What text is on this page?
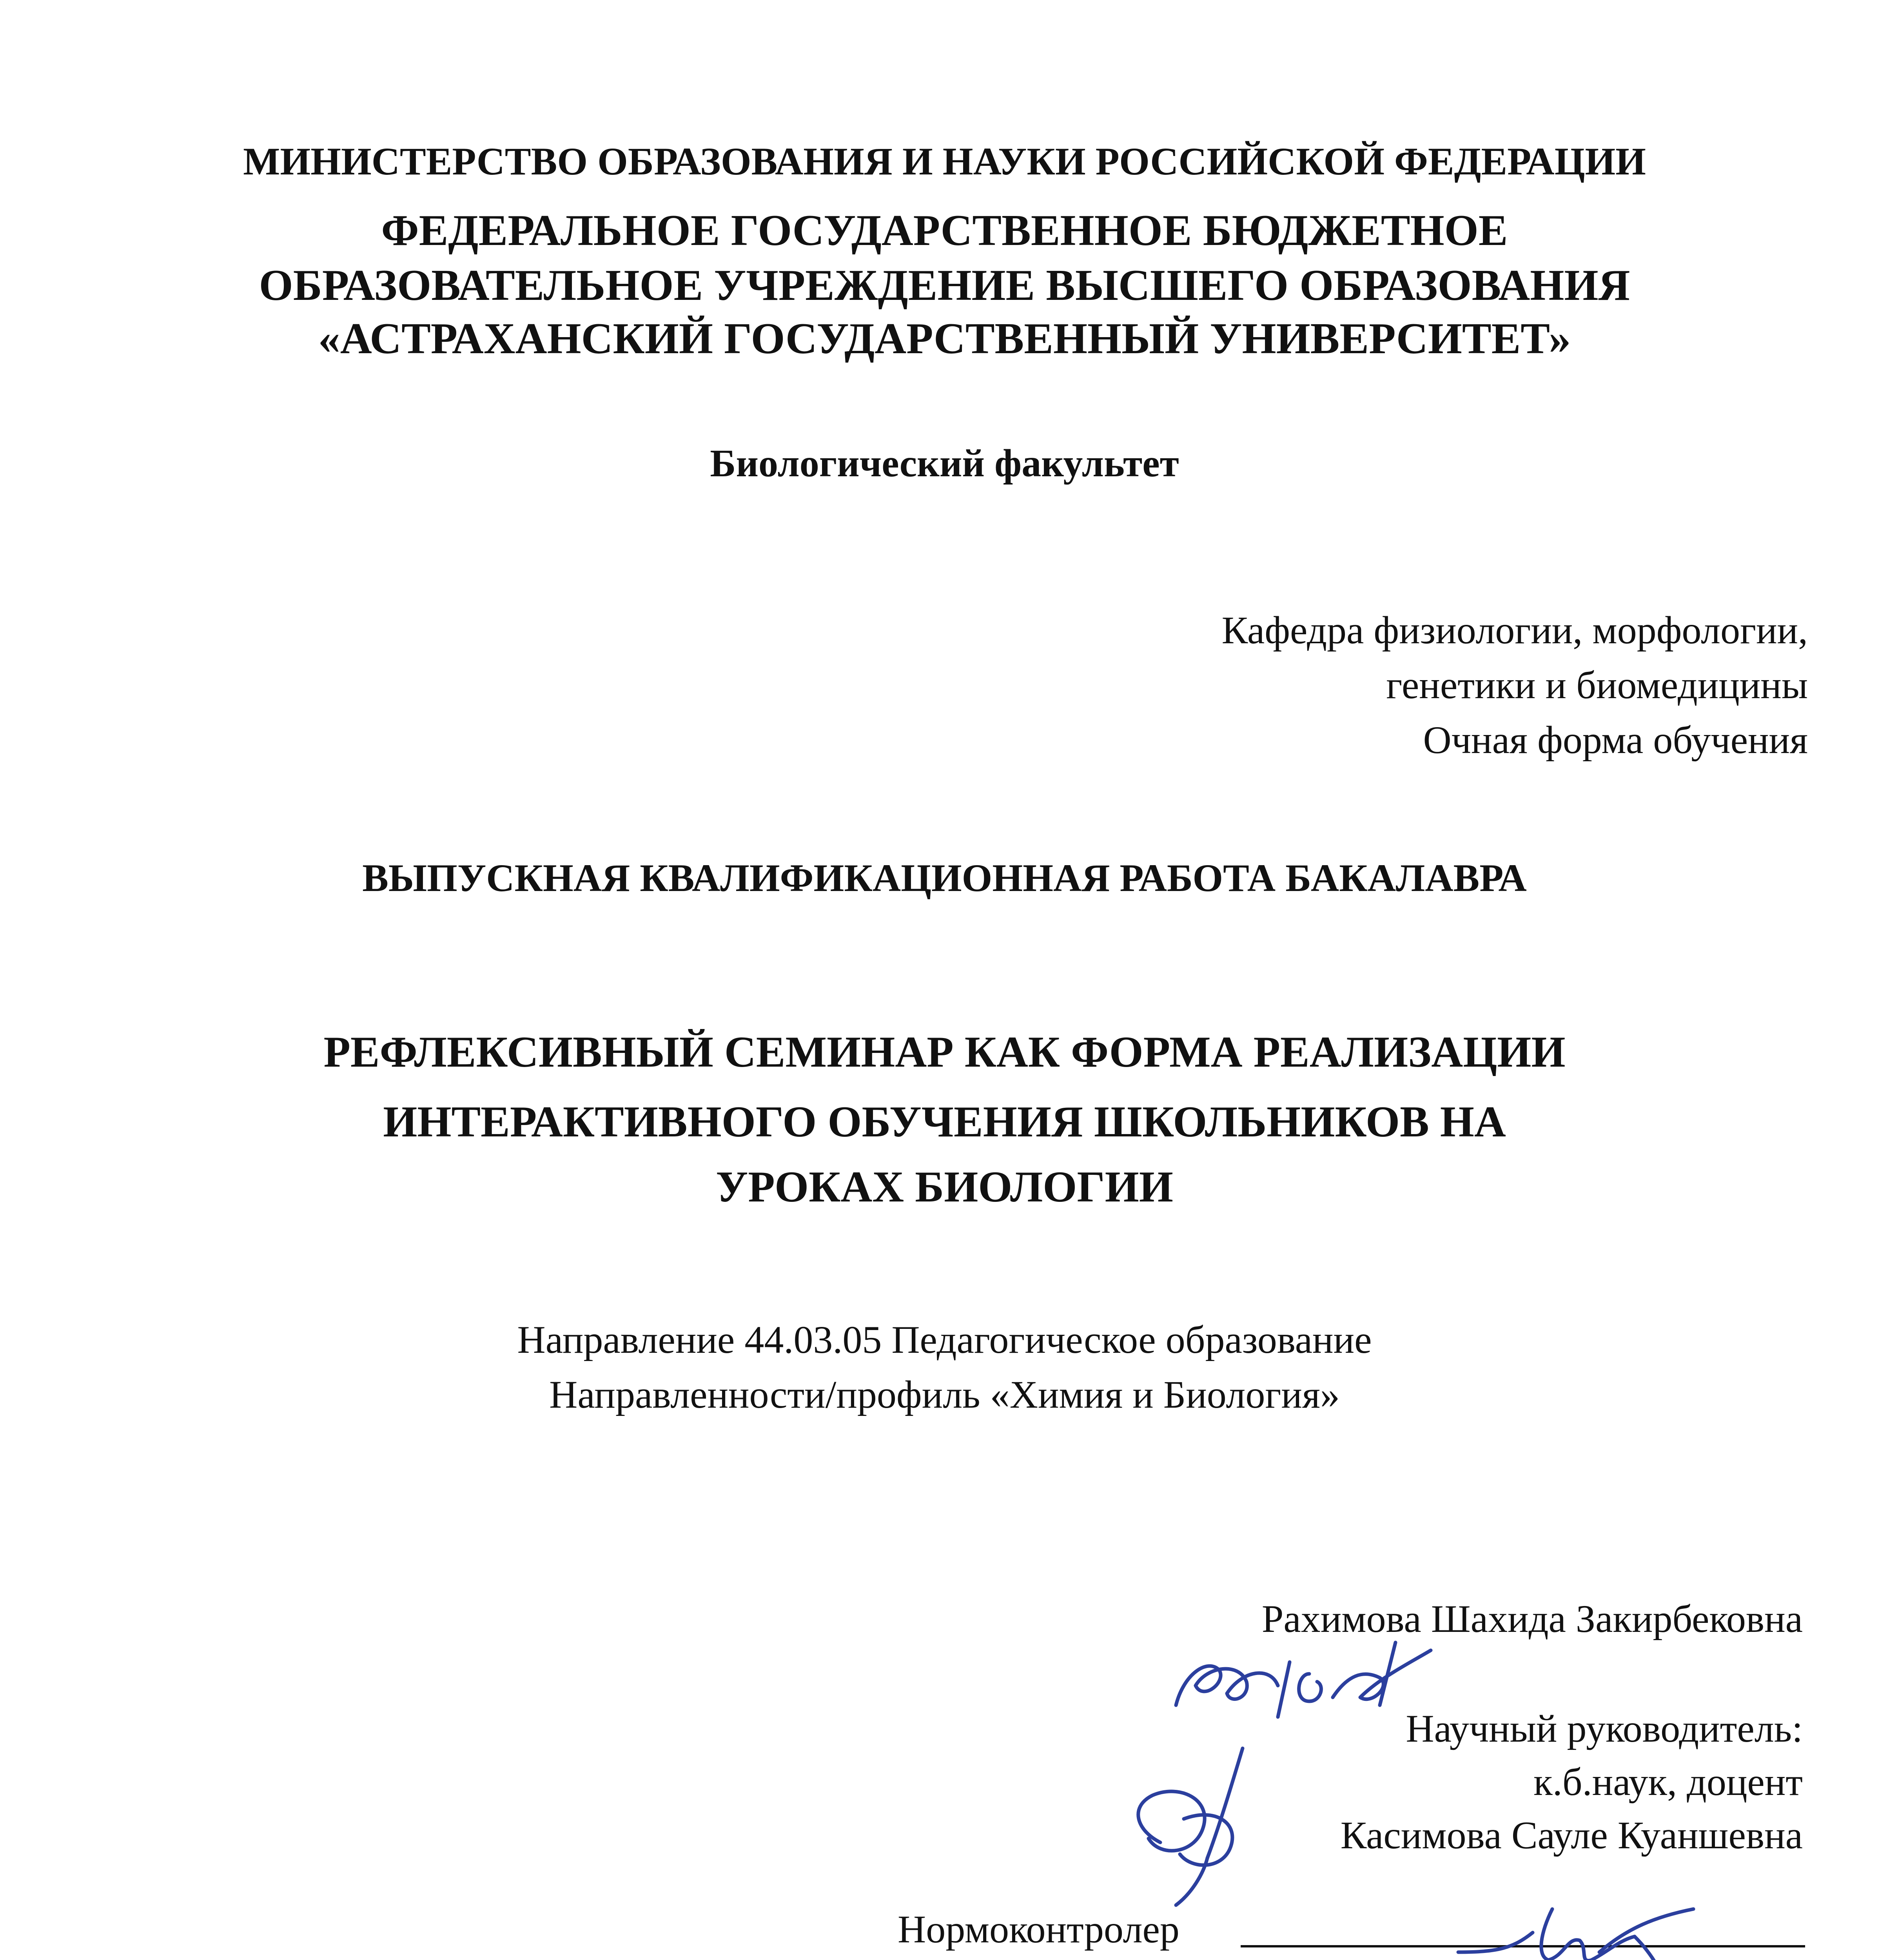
МИНИСТЕРСТВО ОБРАЗОВАНИЯ И НАУКИ РОССИЙСКОЙ ФЕДЕРАЦИИ
ФЕДЕРАЛЬНОЕ ГОСУДАРСТВЕННОЕ БЮДЖЕТНОЕ
ОБРАЗОВАТЕЛЬНОЕ УЧРЕЖДЕНИЕ ВЫСШЕГО ОБРАЗОВАНИЯ
«АСТРАХАНСКИЙ ГОСУДАРСТВЕННЫЙ УНИВЕРСИТЕТ»
Биологический факультет
Кафедра физиологии, морфологии,
генетики и биомедицины
Очная форма обучения
ВЫПУСКНАЯ КВАЛИФИКАЦИОННАЯ РАБОТА БАКАЛАВРА
РЕФЛЕКСИВНЫЙ СЕМИНАР КАК ФОРМА РЕАЛИЗАЦИИ
ИНТЕРАКТИВНОГО ОБУЧЕНИЯ ШКОЛЬНИКОВ НА
УРОКАХ БИОЛОГИИ
Направление 44.03.05 Педагогическое образование
Направленности/профиль «Химия и Биология»
Рахимова Шахида Закирбековна
Научный руководитель:
к.б.наук, доцент
Касимова Сауле Куаншевна
Нормоконтролер
